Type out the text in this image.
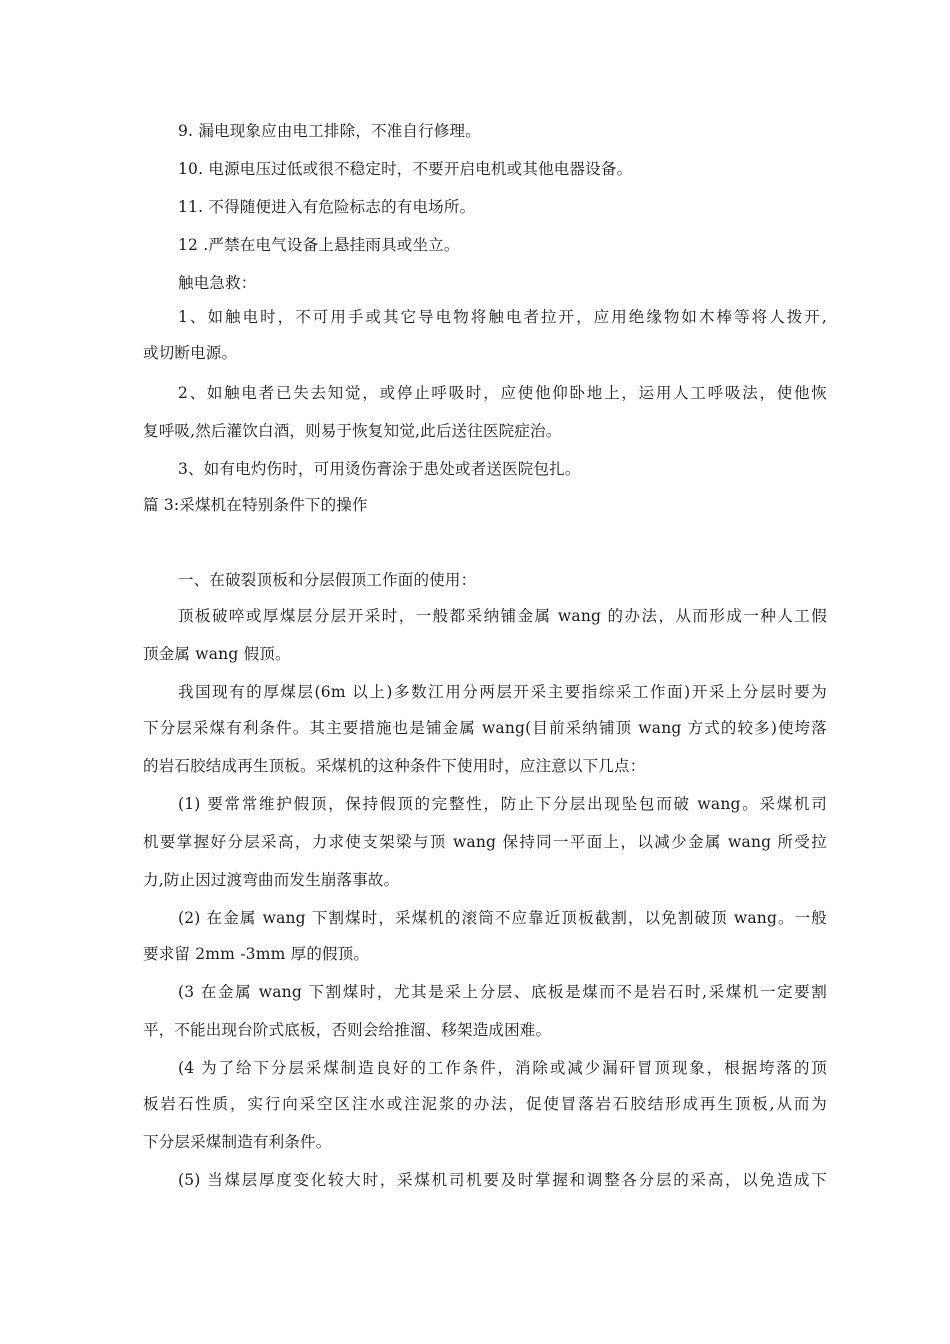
9. 漏电现象应由电工排除，不准自行修理。
10. 电源电压过低或很不稳定时，不要开启电机或其他电器设备。
11. 不得随便进入有危险标志的有电场所。
12 .严禁在电气设备上悬挂雨具或坐立。
触电急救：
1、如触电时，不可用手或其它导电物将触电者拉开，应用绝缘物如木棒等将人拨开,
或切断电源。
2、如触电者已失去知觉，或停止呼吸时，应使他仰卧地上，运用人工呼吸法，使他恢
复呼吸,然后灌饮白酒，则易于恢复知觉,此后送往医院症治。
3、如有电灼伤时，可用烫伤膏涂于患处或者送医院包扎。
篇 3:采煤机在特别条件下的操作
一、在破裂顶板和分层假顶工作面的使用：
顶板破啐或厚煤层分层开采时，一般都采纳铺金属 wang 的办法，从而形成一种人工假
顶金属 wang 假顶。
我国现有的厚煤层(6m 以上)多数江用分两层开采主要指综采工作面)开采上分层时要为
下分层采煤有利条件。其主要措施也是铺金属 wang(目前采纳铺顶 wang 方式的较多)使垮落
的岩石胶结成再生顶板。采煤机的这种条件下使用时，应注意以下几点：
(1) 要常常维护假顶，保持假顶的完整性，防止下分层出现坠包而破 wang。采煤机司
机要掌握好分层采高，力求使支架梁与顶 wang 保持同一平面上，以减少金属 wang 所受拉
力,防止因过渡弯曲而发生崩落事故。
(2) 在金属 wang 下割煤时，采煤机的滚筒不应靠近顶板截割，以免割破顶 wang。一般
要求留 2mm -3mm 厚的假顶。
(3 在金属 wang 下割煤时，尤其是采上分层、底板是煤而不是岩石时,采煤机一定要割
平，不能出现台阶式底板，否则会给推溜、移架造成困难。
(4 为了给下分层采煤制造良好的工作条件，消除或减少漏矸冒顶现象，根据垮落的顶
板岩石性质，实行向采空区注水或注泥浆的办法，促使冒落岩石胶结形成再生顶板,从而为
下分层采煤制造有利条件。
(5) 当煤层厚度变化较大时，采煤机司机要及时掌握和调整各分层的采高，以免造成下
